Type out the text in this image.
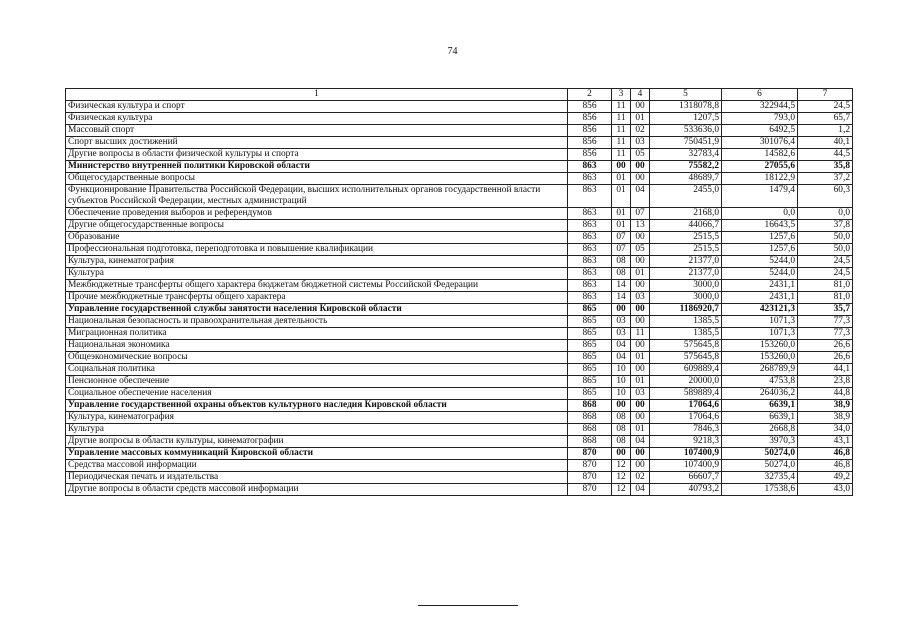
74
1	2	3	4	5	6	7
Физическая культура и спорт	856	11	00	1318078,8	322944,5	24,5
Физическая культура	856	11	01	1207,5	793,0	65,7
Массовый спорт	856	11	02	533636,0	6492,5	1,2
Спорт высших достижений	856	11	03	750451,9	301076,4	40,1
Другие вопросы в области физической культуры и спорта	856	11	05	32783,4	14582,6	44,5
Министерство внутренней политики Кировской области	863	00	00	75582,2	27055,6	35,8
Общегосударственные вопросы	863	01	00	48689,7	18122,9	37,2
Функционирование Правительства Российской Федерации, высших исполнительных органов государственной власти субъектов Российской Федерации, местных администраций	863	01	04	2455,0	1479,4	60,3
Обеспечение проведения выборов и референдумов	863	01	07	2168,0	0,0	0,0
Другие общегосударственные вопросы	863	01	13	44066,7	16643,5	37,8
Образование	863	07	00	2515,5	1257,6	50,0
Профессиональная подготовка, переподготовка и повышение квалификации	863	07	05	2515,5	1257,6	50,0
Культура, кинематография	863	08	00	21377,0	5244,0	24,5
Культура	863	08	01	21377,0	5244,0	24,5
Межбюджетные трансферты общего характера бюджетам бюджетной системы Российской Федерации	863	14	00	3000,0	2431,1	81,0
Прочие межбюджетные трансферты общего характера	863	14	03	3000,0	2431,1	81,0
Управление государственной службы занятости населения Кировской области	865	00	00	1186920,7	423121,3	35,7
Национальная безопасность и правоохранительная деятельность	865	03	00	1385,5	1071,3	77,3
Миграционная политика	865	03	11	1385,5	1071,3	77,3
Национальная экономика	865	04	00	575645,8	153260,0	26,6
Общеэкономические вопросы	865	04	01	575645,8	153260,0	26,6
Социальная политика	865	10	00	609889,4	268789,9	44,1
Пенсионное обеспечение	865	10	01	20000,0	4753,8	23,8
Социальное обеспечение населения	865	10	03	589889,4	264036,2	44,8
Управление государственной охраны объектов культурного наследия Кировской области	868	00	00	17064,6	6639,1	38,9
Культура, кинематография	868	08	00	17064,6	6639,1	38,9
Культура	868	08	01	7846,3	2668,8	34,0
Другие вопросы в области культуры, кинематографии	868	08	04	9218,3	3970,3	43,1
Управление массовых коммуникаций Кировской области	870	00	00	107400,9	50274,0	46,8
Средства массовой информации	870	12	00	107400,9	50274,0	46,8
Периодическая печать и издательства	870	12	02	66607,7	32735,4	49,2
Другие вопросы в области средств массовой информации	870	12	04	40793,2	17538,6	43,0
